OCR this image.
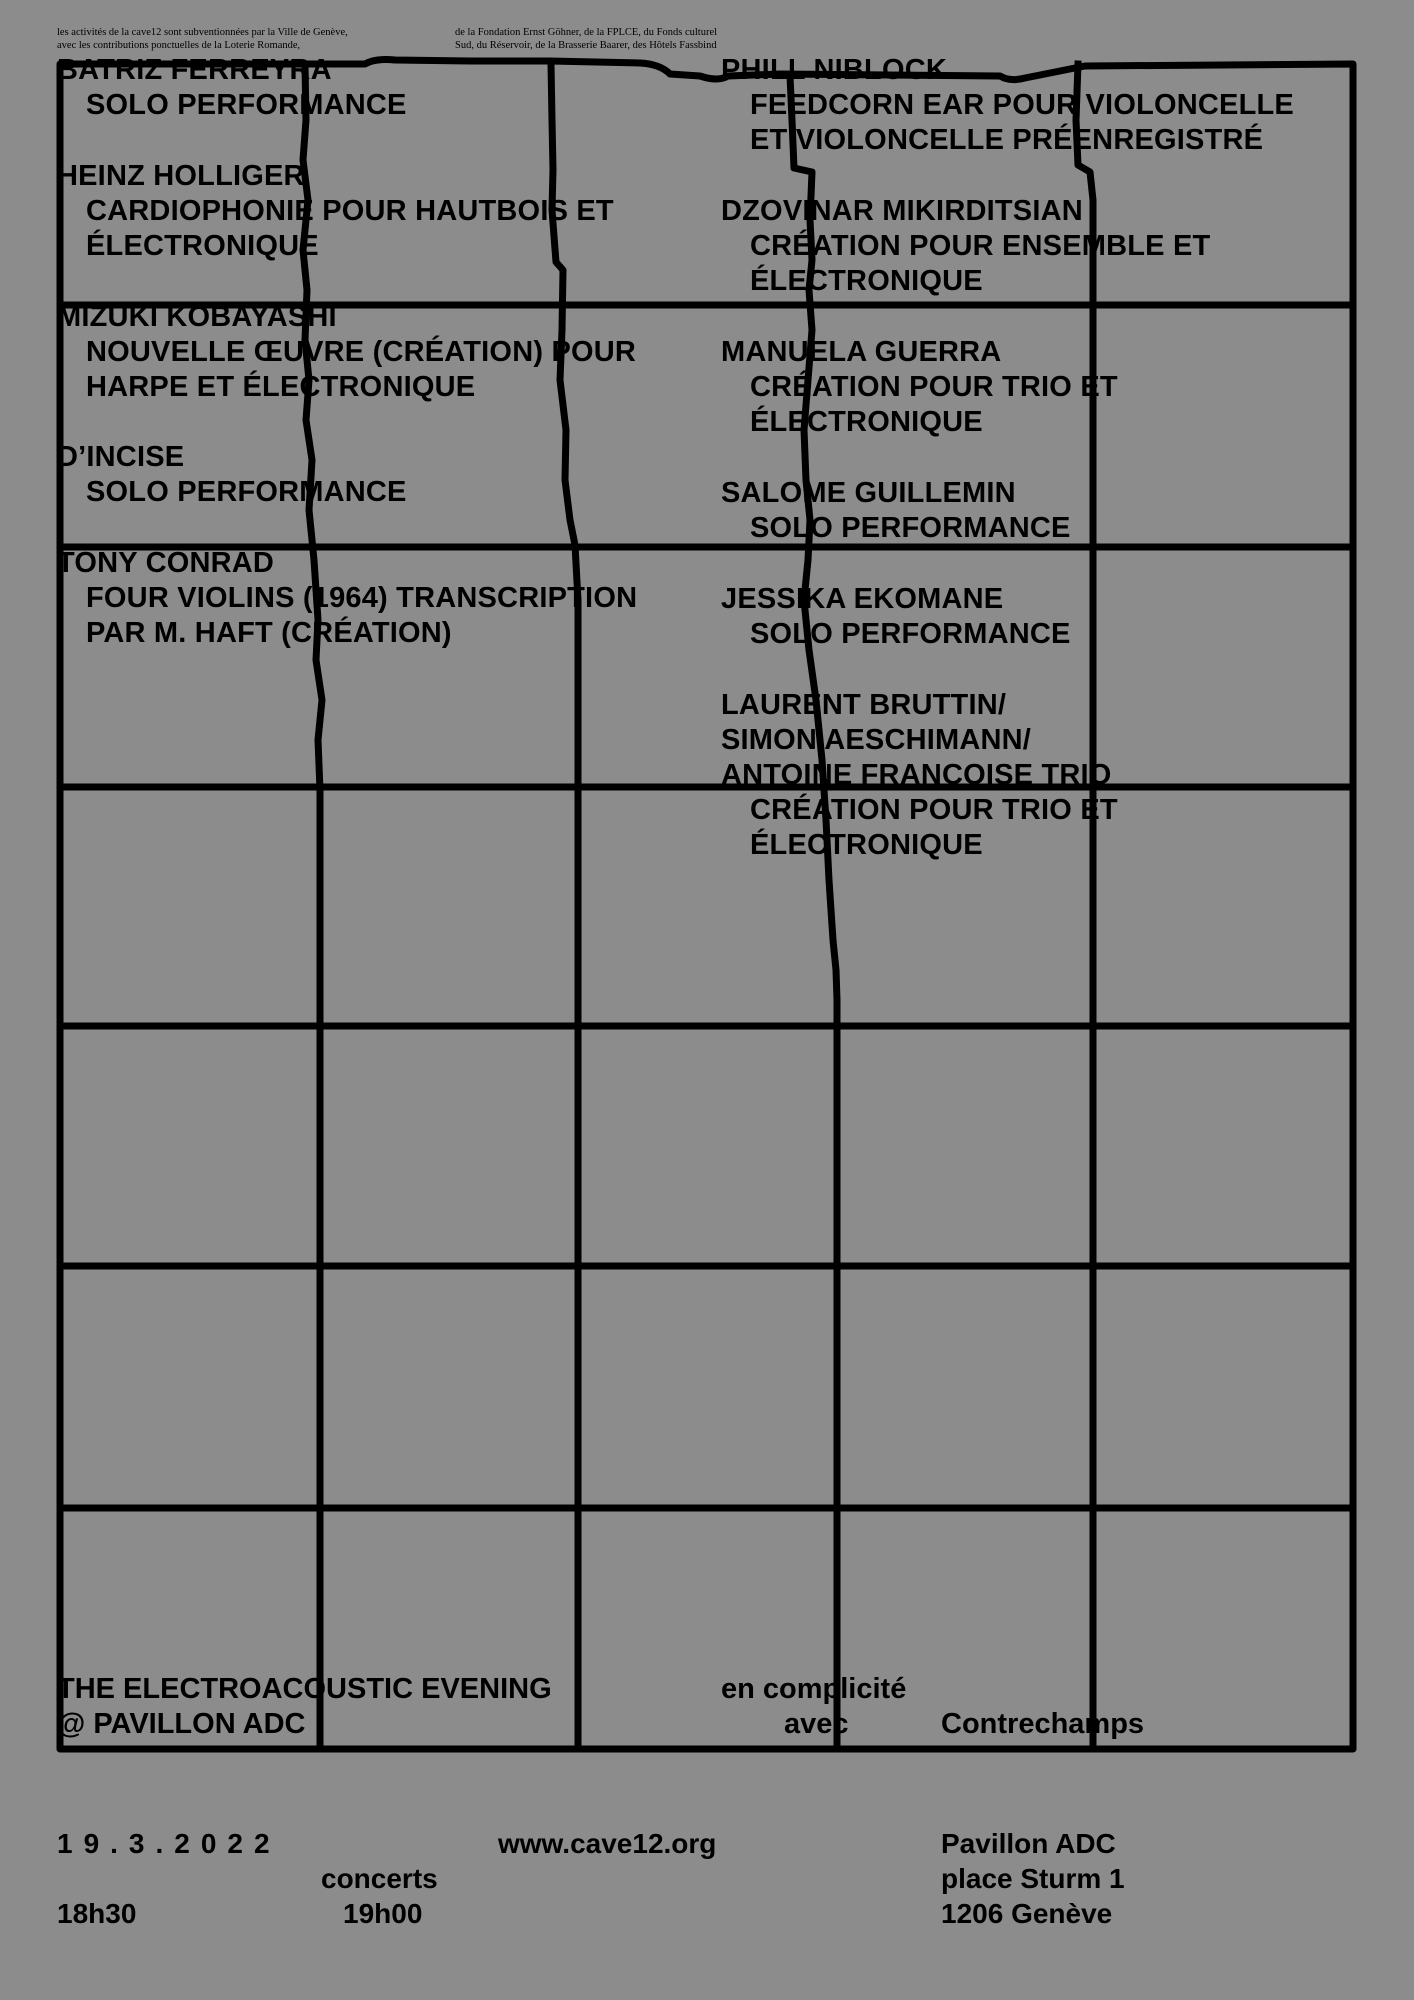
les activités de la cave12 sont subventionnées par la Ville de Genève,
avec les contributions ponctuelles de la Loterie Romande,
de la Fondation Ernst Göhner, de la FPLCE, du Fonds culturel
Sud, du Réservoir, de la Brasserie Baarer, des Hôtels Fassbind
BATRIZ FERREYRA
SOLO PERFORMANCE
HEINZ HOLLIGER
CARDIOPHONIE POUR HAUTBOIS ET
ÉLECTRONIQUE
MIZUKI KOBAYASHI
NOUVELLE ŒUVRE (CRÉATION) POUR
HARPE ET ÉLECTRONIQUE
D’INCISE
SOLO PERFORMANCE
TONY CONRAD
FOUR VIOLINS (1964) TRANSCRIPTION
PAR M. HAFT (CRÉATION)
PHILL NIBLOCK
FEEDCORN EAR POUR VIOLONCELLE
ET VIOLONCELLE PRÉENREGISTRÉ
DZOVINAR MIKIRDITSIAN
CRÉATION POUR ENSEMBLE ET
ÉLECTRONIQUE
MANUELA GUERRA
CRÉATION POUR TRIO ET
ÉLECTRONIQUE
SALOME GUILLEMIN
SOLO PERFORMANCE
JESSIKA EKOMANE
SOLO PERFORMANCE
LAURENT BRUTTIN/
SIMON AESCHIMANN/
ANTOINE FRANÇOISE TRIO
CRÉATION POUR TRIO ET
ÉLECTRONIQUE
THE ELECTROACOUSTIC EVENING
@ PAVILLON ADC
en complicité
avec	Contrechamps
19.3.2022
concerts
18h30	19h00
www.cave12.org	Pavillon ADC
place Sturm 1
1206 Genève
